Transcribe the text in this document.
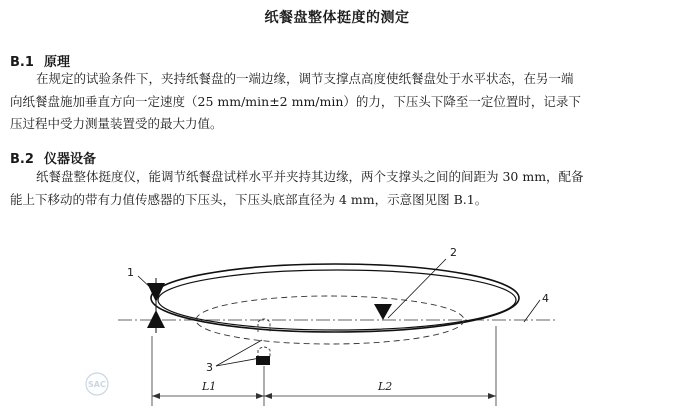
纸餐盘整体挺度的测定
B.1 原理

在规定的试验条件下，夹持纸餐盘的一端边缘，调节支撑点高度使纸餐盘处于水平状态，在另一端

向纸餐盘施加垂直方向一定速度（25 mm/min±2 mm/min）的力，下压头下降至一定位置时，记录下

压过程中受力测量装置受的最大力值。

B.2 仪器设备

纸餐盘整体挺度仪，能调节纸餐盘试样水平并夹持其边缘，两个支撑头之间的间距为 30 mm，配备

能上下移动的带有力值传感器的下压头，下压头底部直径为 4 mm，示意图见图 B.1。

1
2
3
4
L1	L2
SAC
